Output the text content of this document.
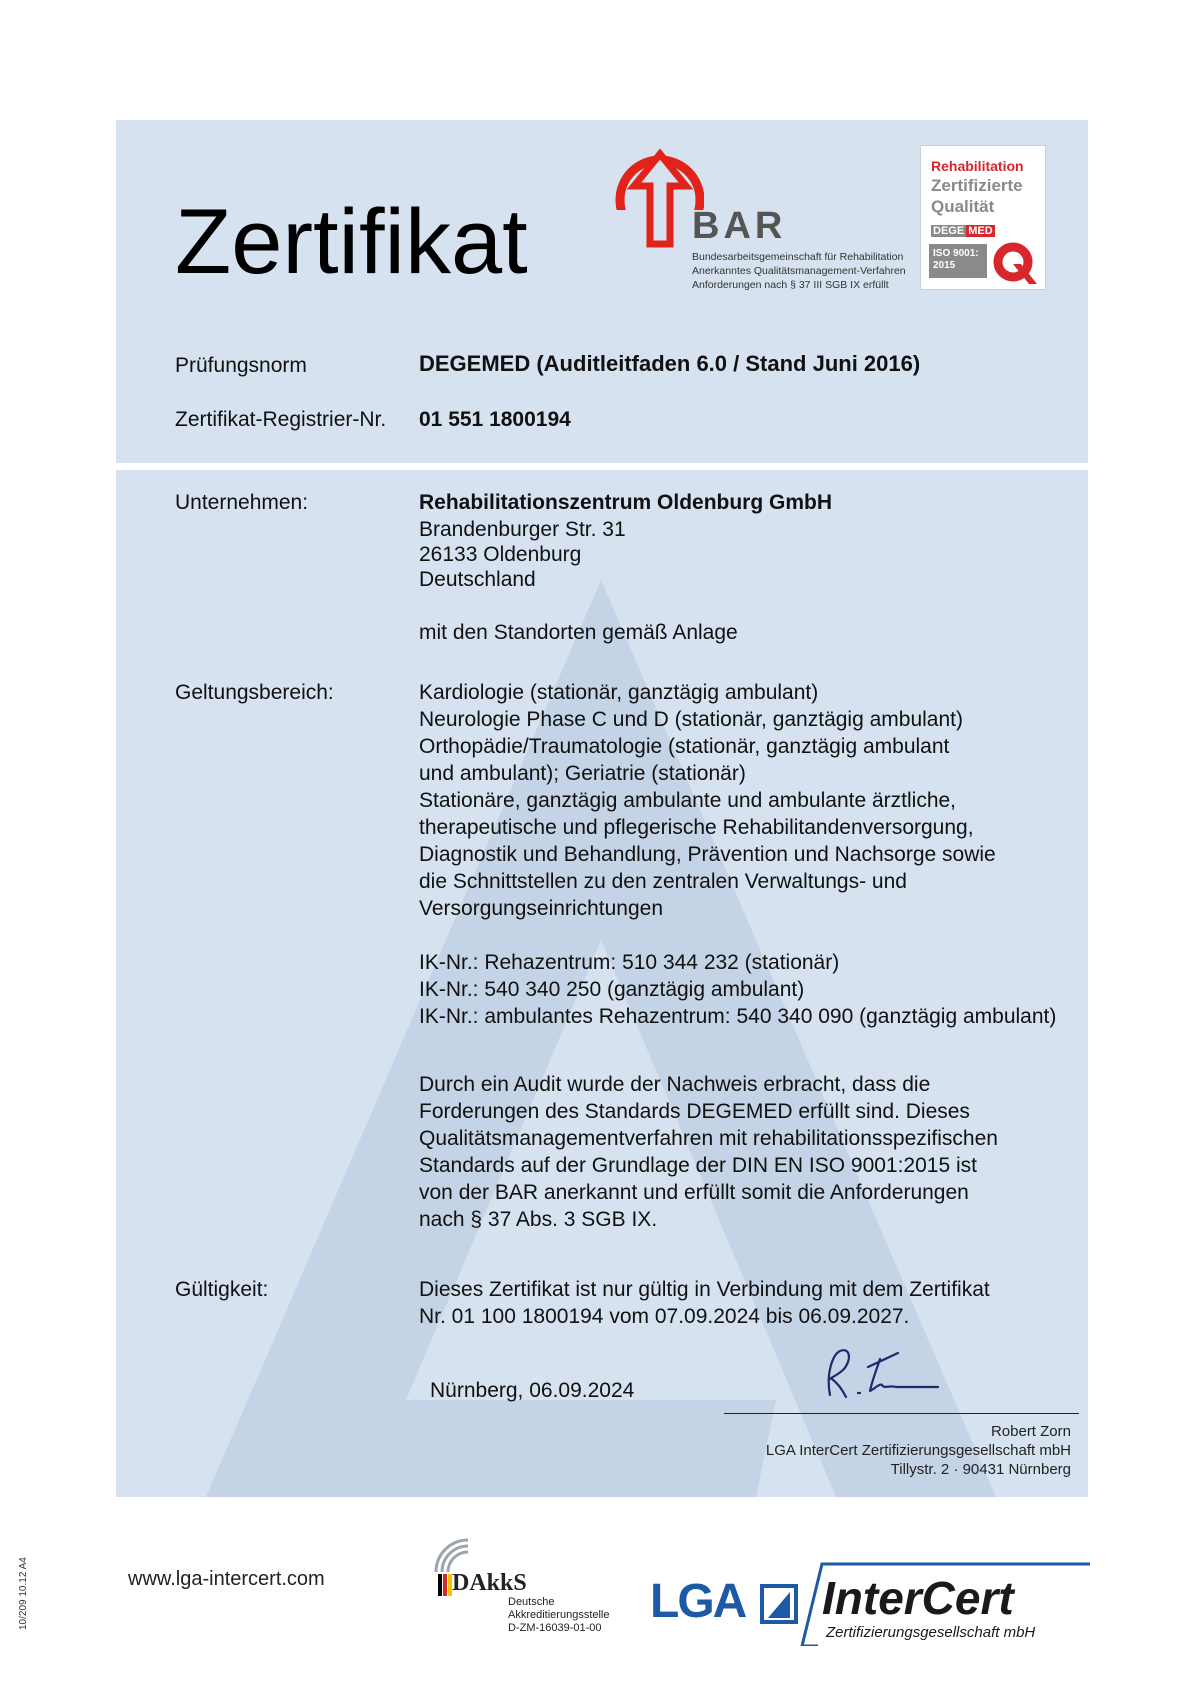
Zertifikat	BAR
Bundesarbeitsgemeinschaft für Rehabilitation
Anerkanntes Qualitätsmanagement-Verfahren
Anforderungen nach § 37 III SGB IX erfüllt
Rehabilitation
Zertifizierte
Qualität
DEGE MED
ISO 9001:
2015
Prüfungsnorm	DEGEMED (Auditleitfaden 6.0 / Stand Juni 2016)
Zertifikat-Registrier-Nr. 01 551 1800194
Unternehmen:	Rehabilitationszentrum Oldenburg GmbH
Brandenburger Str. 31
26133 Oldenburg
Deutschland
mit den Standorten gemäß Anlage
Geltungsbereich:	Kardiologie (stationär, ganztägig ambulant)
Neurologie Phase C und D (stationär, ganztägig ambulant)
Orthopädie/Traumatologie (stationär, ganztägig ambulant
und ambulant); Geriatrie (stationär)
Stationäre, ganztägig ambulante und ambulante ärztliche,
therapeutische und pflegerische Rehabilitandenversorgung,
Diagnostik und Behandlung, Prävention und Nachsorge sowie
die Schnittstellen zu den zentralen Verwaltungs- und
Versorgungseinrichtungen
IK-Nr.: Rehazentrum: 510 344 232 (stationär)
IK-Nr.: 540 340 250 (ganztägig ambulant)
IK-Nr.: ambulantes Rehazentrum: 540 340 090 (ganztägig ambulant)
Durch ein Audit wurde der Nachweis erbracht, dass die
Forderungen des Standards DEGEMED erfüllt sind. Dieses
Qualitätsmanagementverfahren mit rehabilitationsspezifischen
Standards auf der Grundlage der DIN EN ISO 9001:2015 ist
von der BAR anerkannt und erfüllt somit die Anforderungen
nach § 37 Abs. 3 SGB IX.
Gültigkeit:	Dieses Zertifikat ist nur gültig in Verbindung mit dem Zertifikat
Nr. 01 100 1800194 vom 07.09.2024 bis 06.09.2027.
Nürnberg, 06.09.2024
Robert Zorn
LGA InterCert Zertifizierungsgesellschaft mbH
Tillystr. 2 · 90431 Nürnberg
www.lga-intercert.com	DAkkS
Deutsche
Akkreditierungsstelle
D-ZM-16039-01-00 LGA InterCert
Zertifizierungsgesellschaft mbH
10/209 10.12 A4
